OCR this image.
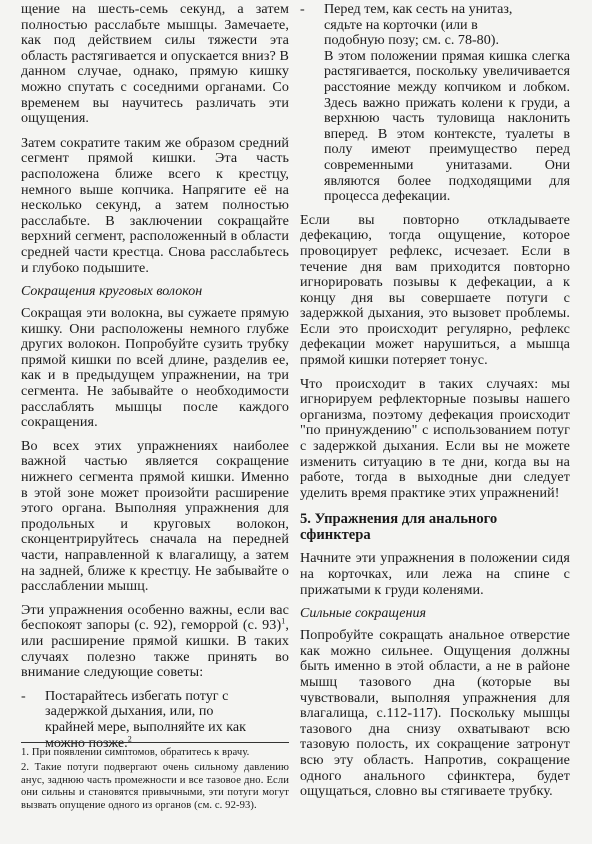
щение на шесть-семь секунд, а затем полностью расслабьте мышцы. Замечаете, как под действием силы тяжести эта область растягивается и опускается вниз? В данном случае, однако, прямую кишку можно спутать с соседними органами. Со временем вы научитесь различать эти ощущения.

Затем сократите таким же образом средний сегмент прямой кишки. Эта часть расположена ближе всего к крестцу, немного выше копчика. Напрягите её на несколько секунд, а затем полностью расслабьте. В заключении сокращайте верхний сегмент, расположенный в области средней части крестца. Снова расслабьтесь и глубоко подышите.

Сокращения круговых волокон

Сокращая эти волокна, вы сужаете прямую кишку. Они расположены немного глубже других волокон. Попробуйте сузить трубку прямой кишки по всей длине, разделив ее, как и в предыдущем упражнении, на три сегмента. Не забывайте о необходимости расслаблять мышцы после каждого сокращения.

Во всех этих упражнениях наиболее важной частью является сокращение нижнего сегмента прямой кишки. Именно в этой зоне может произойти расширение этого органа. Выполняя упражнения для продольных и круговых волокон, сконцентрируйтесь сначала на передней части, направленной к влагалищу, а затем на задней, ближе к крестцу. Не забывайте о расслаблении мышц.

Эти упражнения особенно важны, если вас беспокоят запоры (с. 92), геморрой (с. 93)$^1$, или расширение прямой кишки. В таких случаях полезно также принять во внимание следующие советы:

-	Постарайтесь избегать потуг с
задержкой дыхания, или, по
крайней мере, выполняйте их как
можно позже.$^2$

1. При появлении симптомов, обратитесь к врачу.

2. Такие потуги подвергают очень сильному давлению анус, заднюю часть промежности и все тазовое дно. Если они сильны и становятся привычными, эти потуги могут вызвать опущение одного из органов (см. с. 92-93).

-	Перед тем, как сесть на унитаз,
сядьте на корточки (или в
подобную позу; см. с. 78-80).
В этом положении прямая кишка слегка растягивается, поскольку увеличивается расстояние между копчиком и лобком. Здесь важно прижать колени к груди, а верхнюю часть туловища наклонить вперед. В этом контексте, туалеты в полу имеют преимущество перед современными унитазами. Они являются более подходящими для процесса дефекации.

Если вы повторно откладываете дефекацию, тогда ощущение, которое провоцирует рефлекс, исчезает. Если в течение дня вам приходится повторно игнорировать позывы к дефекации, а к концу дня вы совершаете потуги с задержкой дыхания, это вызовет проблемы. Если это происходит регулярно, рефлекс дефекации может нарушиться, а мышца прямой кишки потеряет тонус.

Что происходит в таких случаях: мы игнорируем рефлекторные позывы нашего организма, поэтому дефекация происходит "по принуждению" с использованием потуг с задержкой дыхания. Если вы не можете изменить ситуацию в те дни, когда вы на работе, тогда в выходные дни следует уделить время практике этих упражнений!

5. Упражнения для анального сфинктера

Начните эти упражнения в положении сидя на корточках, или лежа на спине с прижатыми к груди коленями.

Сильные сокращения

Попробуйте сокращать анальное отверстие как можно сильнее. Ощущения должны быть именно в этой области, а не в районе мышц тазового дна (которые вы чувствовали, выполняя упражнения для влагалища, с.112-117). Поскольку мышцы тазового дна снизу охватывают всю тазовую полость, их сокращение затронут всю эту область. Напротив, сокращение одного анального сфинктера, будет ощущаться, словно вы стягиваете трубку.
